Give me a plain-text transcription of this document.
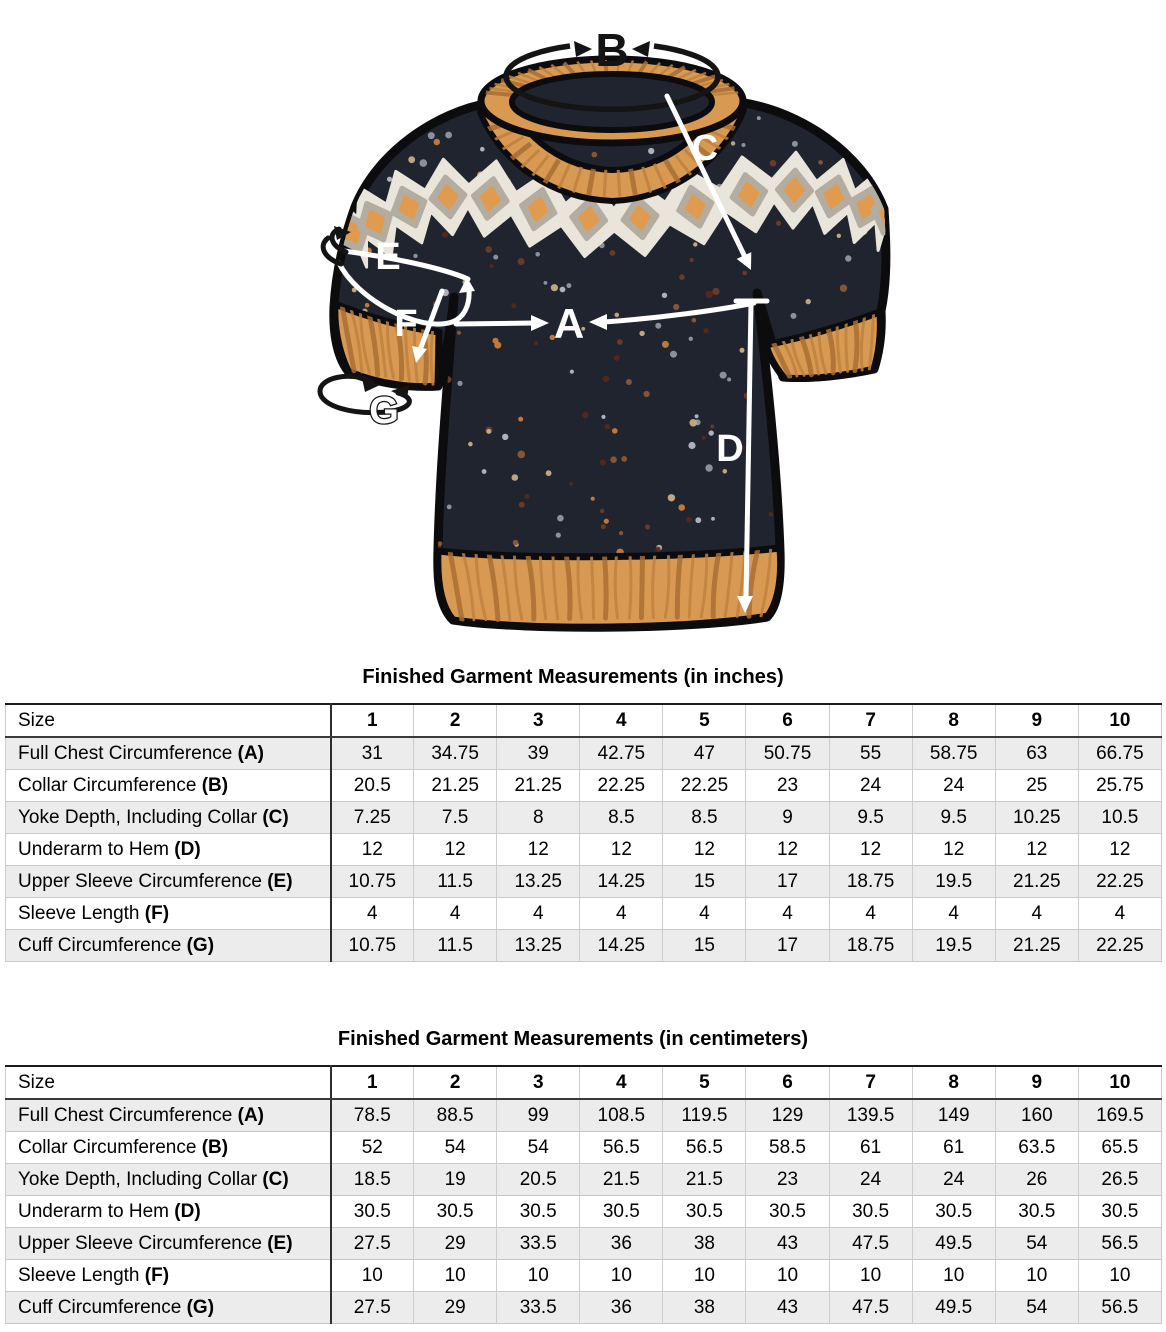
B
A
C
D
E
F
G
Finished Garment Measurements (in inches)
Size	1	2	3	4	5	6	7	8	9	10
Full Chest Circumference (A)	31	34.75	39	42.75	47	50.75	55	58.75	63	66.75
Collar Circumference (B)	20.5	21.25	21.25	22.25	22.25	23	24	24	25	25.75
Yoke Depth, Including Collar (C)	7.25	7.5	8	8.5	8.5	9	9.5	9.5	10.25	10.5
Underarm to Hem (D)	12	12	12	12	12	12	12	12	12	12
Upper Sleeve Circumference (E)	10.75	11.5	13.25	14.25	15	17	18.75	19.5	21.25	22.25
Sleeve Length (F)	4	4	4	4	4	4	4	4	4	4
Cuff Circumference (G)	10.75	11.5	13.25	14.25	15	17	18.75	19.5	21.25	22.25
Finished Garment Measurements (in centimeters)
Size	1	2	3	4	5	6	7	8	9	10
Full Chest Circumference (A)	78.5	88.5	99	108.5	119.5	129	139.5	149	160	169.5
Collar Circumference (B)	52	54	54	56.5	56.5	58.5	61	61	63.5	65.5
Yoke Depth, Including Collar (C)	18.5	19	20.5	21.5	21.5	23	24	24	26	26.5
Underarm to Hem (D)	30.5	30.5	30.5	30.5	30.5	30.5	30.5	30.5	30.5	30.5
Upper Sleeve Circumference (E)	27.5	29	33.5	36	38	43	47.5	49.5	54	56.5
Sleeve Length (F)	10	10	10	10	10	10	10	10	10	10
Cuff Circumference (G)	27.5	29	33.5	36	38	43	47.5	49.5	54	56.5
